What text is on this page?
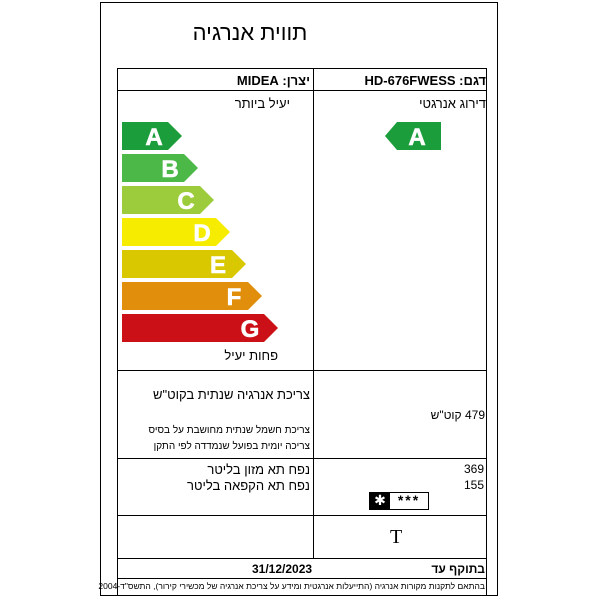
תווית אנרגיה
דגם: HD-676FWESS
יצרן: MIDEA
דירוג אנרגטי
יעיל ביותר
פחות יעיל
A
B
C
D
E
F
G
A
צריכת אנרגיה שנתית בקוט"ש
479 קוט"ש
צריכת חשמל שנתית מחושבת על בסיס
צריכה יומית בפועל שנמדדה לפי התקן
נפח תא מזון בליטר	369
נפח תא הקפאה בליטר	155
✱ ***
T
בתוקף עד
31/12/2023
בהתאם לתקנות מקורות אנרגיה (התייעלות אנרגטית ומידע על צריכת אנרגיה של מכשירי קירור), התשס"ד-2004
